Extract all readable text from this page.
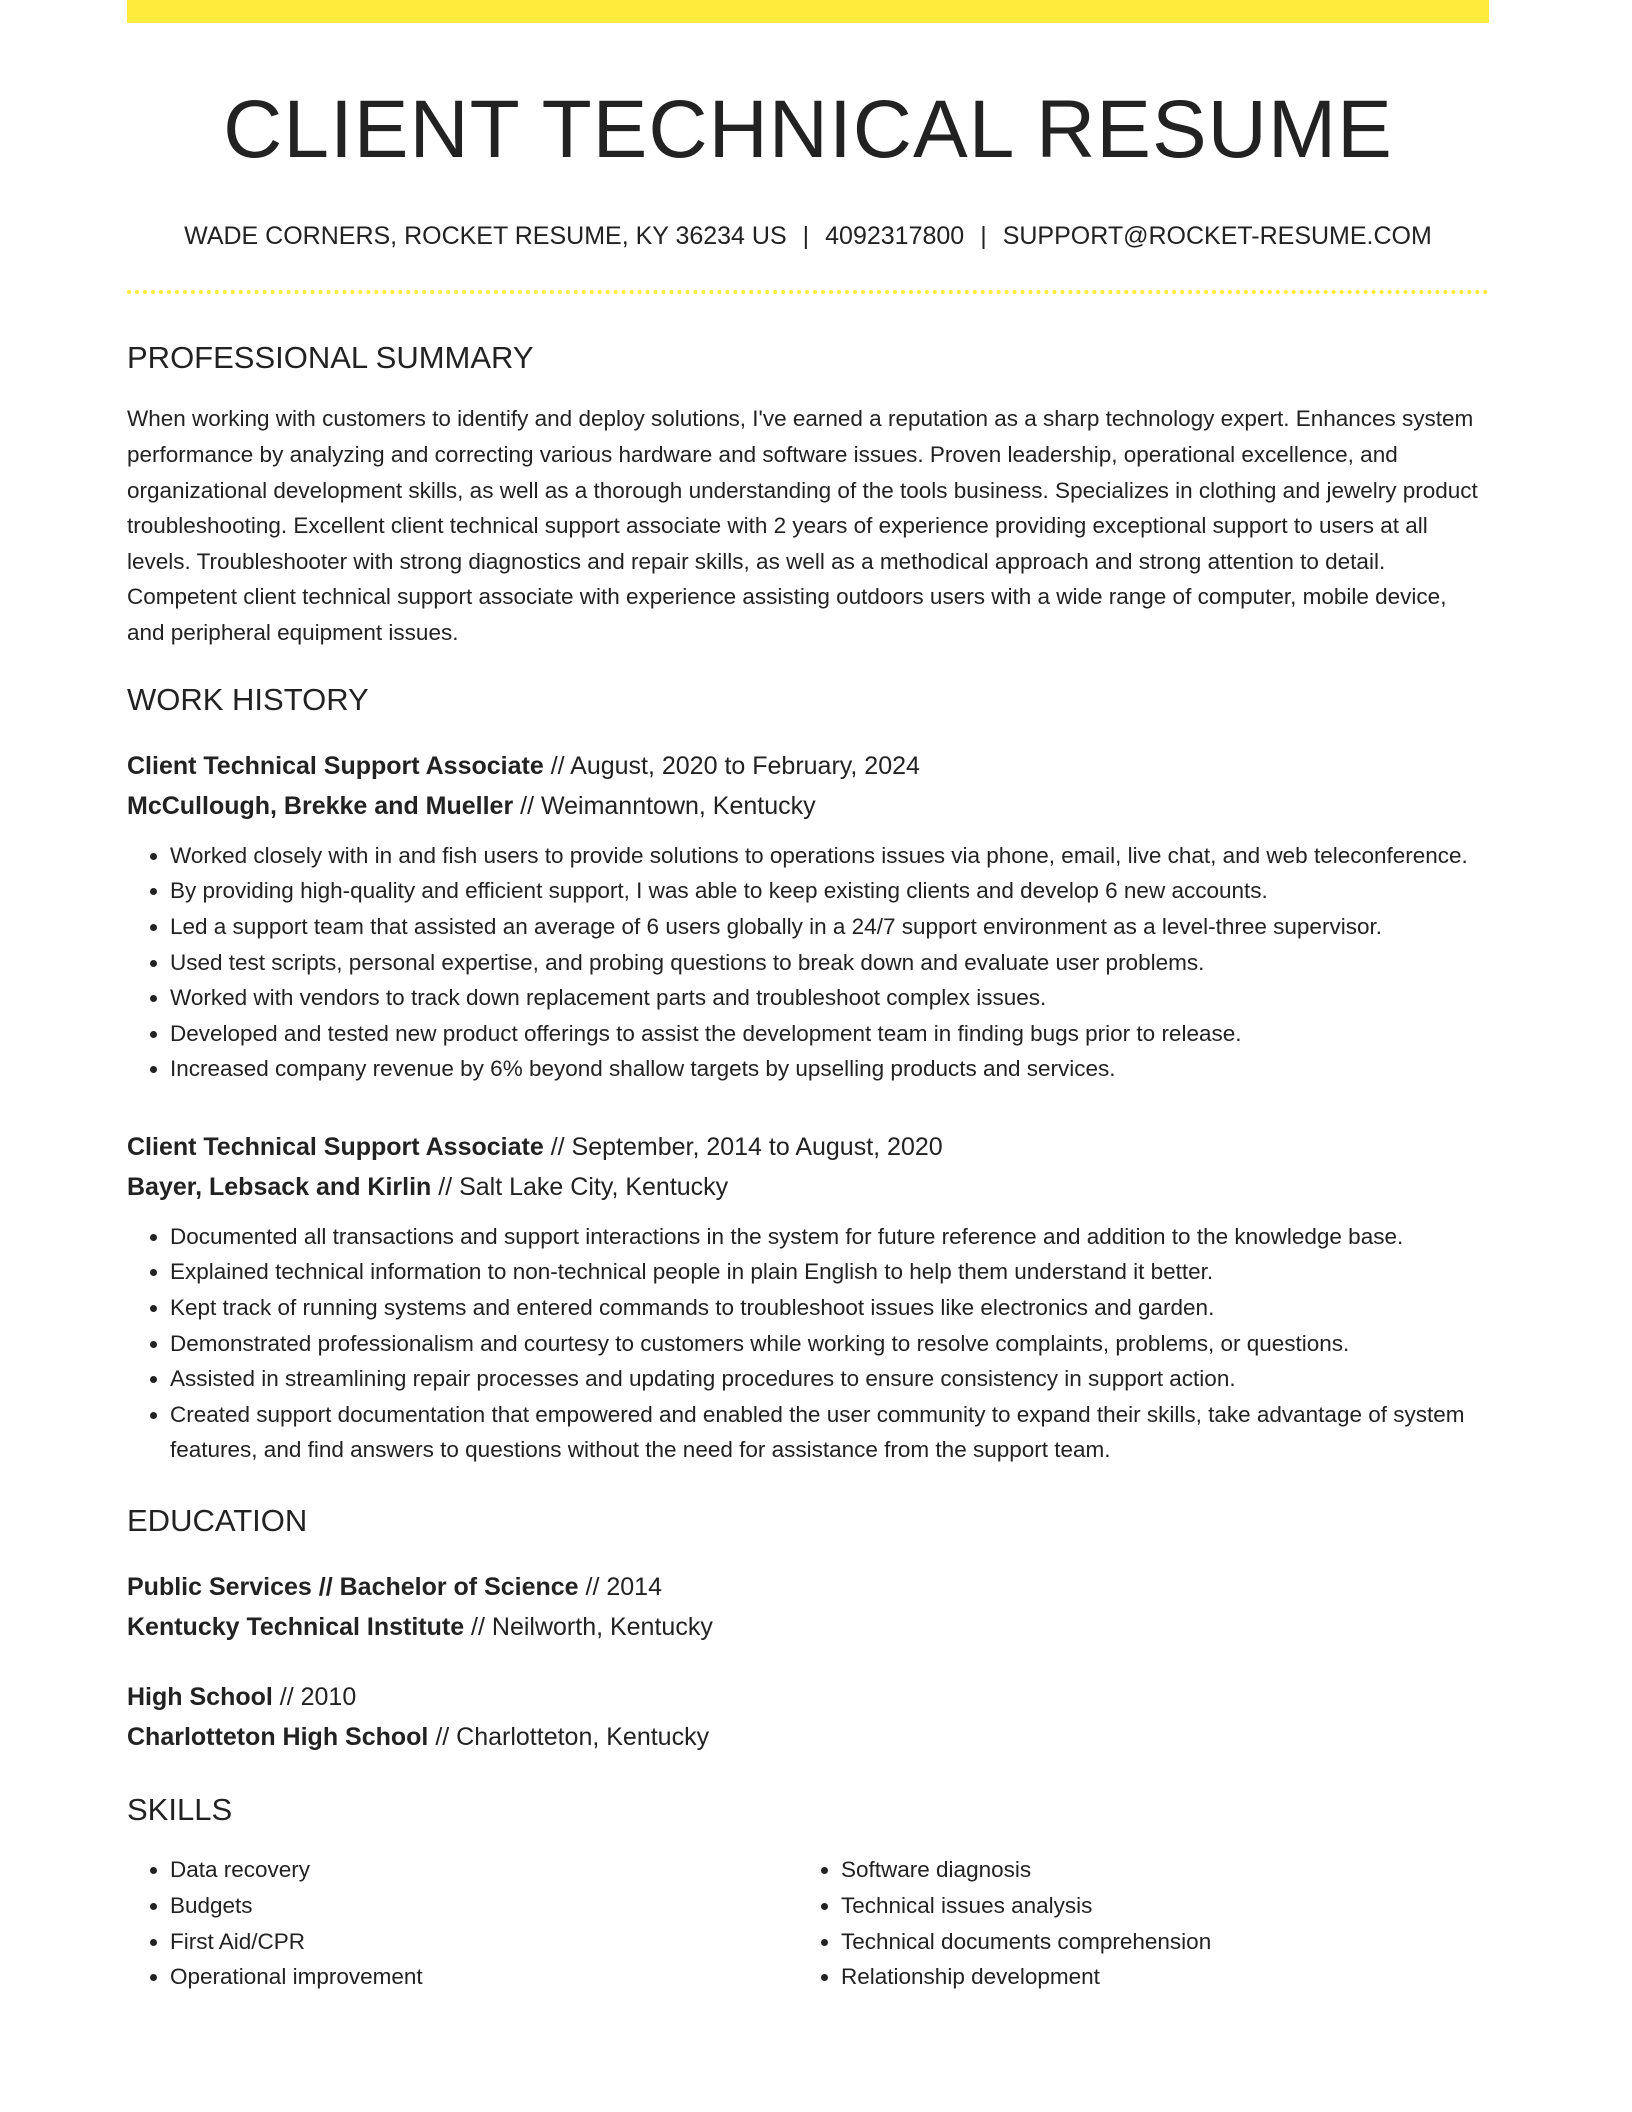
CLIENT TECHNICAL RESUME
WADE CORNERS, ROCKET RESUME, KY 36234 US | 4092317800 | SUPPORT@ROCKET-RESUME.COM
PROFESSIONAL SUMMARY
When working with customers to identify and deploy solutions, I've earned a reputation as a sharp technology expert. Enhances system performance by analyzing and correcting various hardware and software issues. Proven leadership, operational excellence, and organizational development skills, as well as a thorough understanding of the tools business. Specializes in clothing and jewelry product troubleshooting. Excellent client technical support associate with 2 years of experience providing exceptional support to users at all levels. Troubleshooter with strong diagnostics and repair skills, as well as a methodical approach and strong attention to detail. Competent client technical support associate with experience assisting outdoors users with a wide range of computer, mobile device, and peripheral equipment issues.
WORK HISTORY
Client Technical Support Associate // August, 2020 to February, 2024
McCullough, Brekke and Mueller // Weimanntown, Kentucky
• Worked closely with in and fish users to provide solutions to operations issues via phone, email, live chat, and web teleconference.
• By providing high-quality and efficient support, I was able to keep existing clients and develop 6 new accounts.
• Led a support team that assisted an average of 6 users globally in a 24/7 support environment as a level-three supervisor.
• Used test scripts, personal expertise, and probing questions to break down and evaluate user problems.
• Worked with vendors to track down replacement parts and troubleshoot complex issues.
• Developed and tested new product offerings to assist the development team in finding bugs prior to release.
• Increased company revenue by 6% beyond shallow targets by upselling products and services.
Client Technical Support Associate // September, 2014 to August, 2020
Bayer, Lebsack and Kirlin // Salt Lake City, Kentucky
• Documented all transactions and support interactions in the system for future reference and addition to the knowledge base.
• Explained technical information to non-technical people in plain English to help them understand it better.
• Kept track of running systems and entered commands to troubleshoot issues like electronics and garden.
• Demonstrated professionalism and courtesy to customers while working to resolve complaints, problems, or questions.
• Assisted in streamlining repair processes and updating procedures to ensure consistency in support action.
• Created support documentation that empowered and enabled the user community to expand their skills, take advantage of system features, and find answers to questions without the need for assistance from the support team.
EDUCATION
Public Services // Bachelor of Science // 2014
Kentucky Technical Institute // Neilworth, Kentucky
High School // 2010
Charlotteton High School // Charlotteton, Kentucky
SKILLS
• Data recovery
• Budgets
• First Aid/CPR
• Operational improvement
• Software diagnosis
• Technical issues analysis
• Technical documents comprehension
• Relationship development
